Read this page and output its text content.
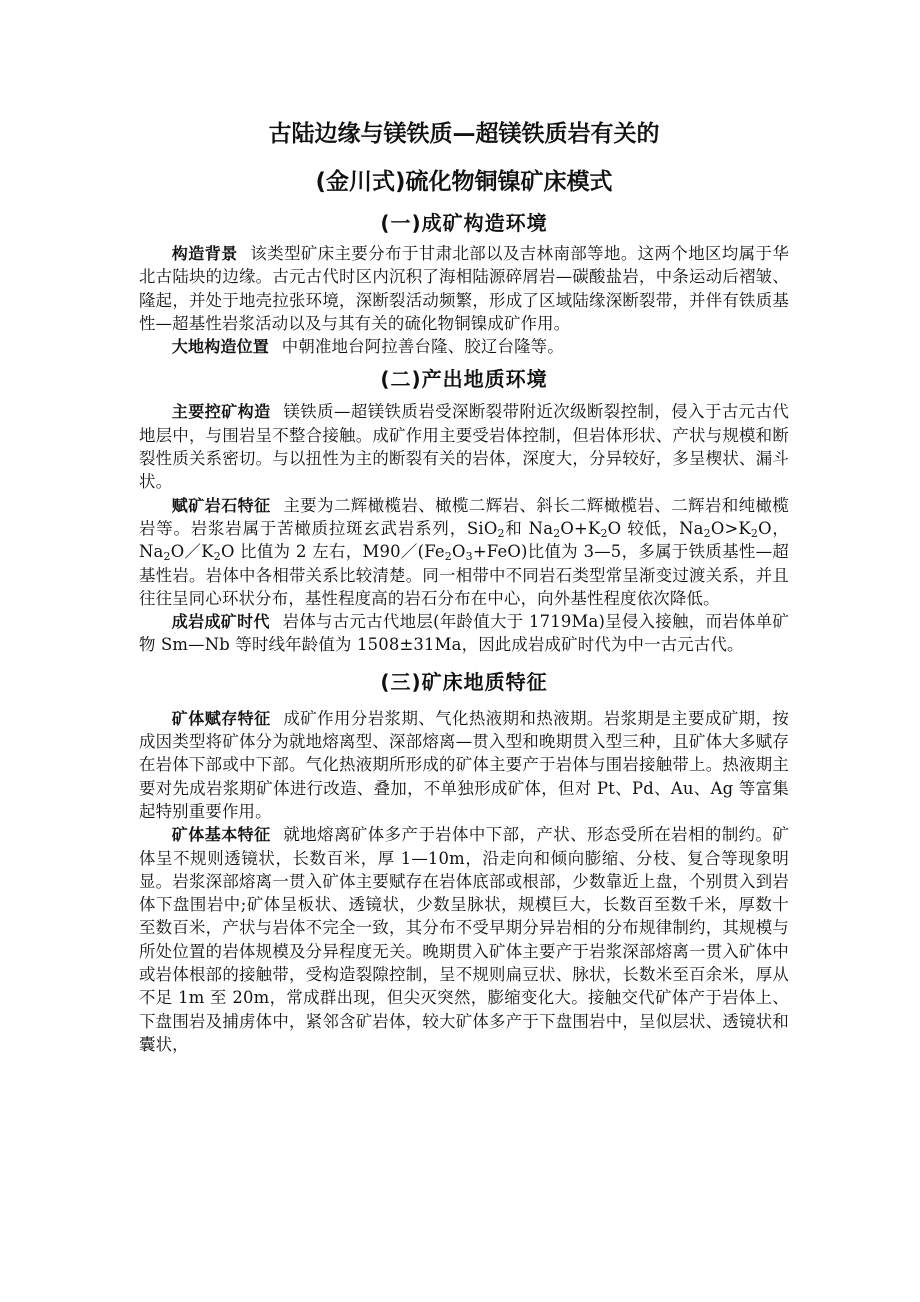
古陆边缘与镁铁质—超镁铁质岩有关的
(金川式)硫化物铜镍矿床模式
(一)成矿构造环境

构造背景 该类型矿床主要分布于甘肃北部以及吉林南部等地。这两个地区均属于华北古陆块的边缘。古元古代时区内沉积了海相陆源碎屑岩—碳酸盐岩，中条运动后褶皱、隆起，并处于地壳拉张环境，深断裂活动频繁，形成了区域陆缘深断裂带，并伴有铁质基性—超基性岩浆活动以及与其有关的硫化物铜镍成矿作用。

大地构造位置 中朝准地台阿拉善台隆、胶辽台隆等。

(二)产出地质环境

主要控矿构造 镁铁质—超镁铁质岩受深断裂带附近次级断裂控制，侵入于古元古代地层中，与围岩呈不整合接触。成矿作用主要受岩体控制，但岩体形状、产状与规模和断裂性质关系密切。与以扭性为主的断裂有关的岩体，深度大，分异较好，多呈楔状、漏斗状。

赋矿岩石特征 主要为二辉橄榄岩、橄榄二辉岩、斜长二辉橄榄岩、二辉岩和纯橄榄岩等。岩浆岩属于苦橄质拉斑玄武岩系列，SiO$_2$和 $Na_2O+K_2O$ 较低，$Na_2O>K_2O$，$Na_2O/K_2O$ 比值为 2 左右，$M90/(Fe_2O_3+FeO)$比值为 3—5，多属于铁质基性—超基性岩。岩体中各相带关系比较清楚。同一相带中不同岩石类型常呈渐变过渡关系，并且往往呈同心环状分布，基性程度高的岩石分布在中心，向外基性程度依次降低。

成岩成矿时代 岩体与古元古代地层(年龄值大于 1719Ma)呈侵入接触，而岩体单矿物 Sm—Nb 等时线年龄值为 1508±31Ma，因此成岩成矿时代为中一古元古代。

(三)矿床地质特征

矿体赋存特征 成矿作用分岩浆期、气化热液期和热液期。岩浆期是主要成矿期，按成因类型将矿体分为就地熔离型、深部熔离—贯入型和晚期贯入型三种，且矿体大多赋存在岩体下部或中下部。气化热液期所形成的矿体主要产于岩体与围岩接触带上。热液期主要对先成岩浆期矿体进行改造、叠加，不单独形成矿体，但对 Pt、Pd、Au、Ag 等富集起特别重要作用。

矿体基本特征 就地熔离矿体多产于岩体中下部，产状、形态受所在岩相的制约。矿体呈不规则透镜状，长数百米，厚 1—10m，沿走向和倾向膨缩、分枝、复合等现象明显。岩浆深部熔离一贯入矿体主要赋存在岩体底部或根部，少数靠近上盘，个别贯入到岩体下盘围岩中;矿体呈板状、透镜状，少数呈脉状，规模巨大，长数百至数千米，厚数十至数百米，产状与岩体不完全一致，其分布不受早期分异岩相的分布规律制约，其规模与所处位置的岩体规模及分异程度无关。晚期贯入矿体主要产于岩浆深部熔离一贯入矿体中或岩体根部的接触带，受构造裂隙控制，呈不规则扁豆状、脉状，长数米至百余米，厚从不足 1m 至 20m，常成群出现，但尖灭突然，膨缩变化大。接触交代矿体产于岩体上、下盘围岩及捕虏体中，紧邻含矿岩体，较大矿体多产于下盘围岩中，呈似层状、透镜状和囊状，
